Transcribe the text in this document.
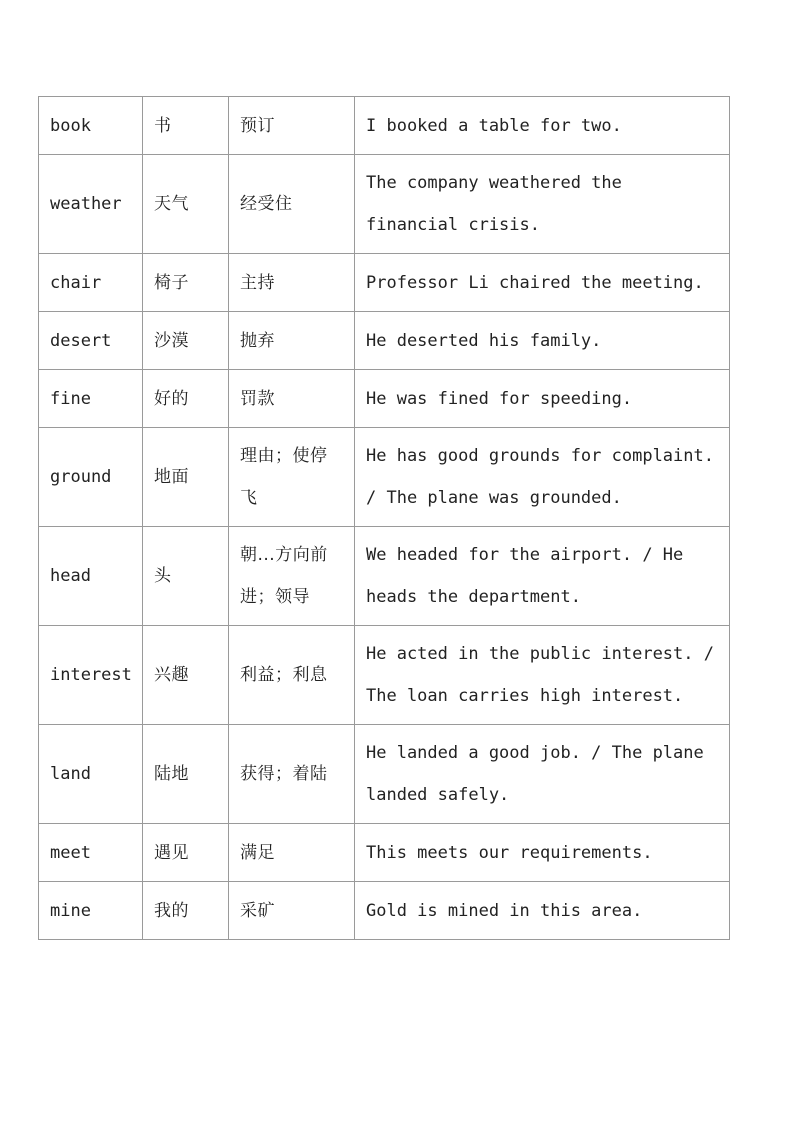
book	书	预订	I booked a table for two.
weather	天气	经受住	The company weathered the financial crisis.
chair	椅子	主持	Professor Li chaired the meeting.
desert	沙漠	抛弃	He deserted his family.
fine	好的	罚款	He was fined for speeding.
ground	地面	理由；使停飞	He has good grounds for complaint. / The plane was grounded.
head	头	朝...方向前进；领导	We headed for the airport. / He heads the department.
interest	兴趣	利益；利息	He acted in the public interest. / The loan carries high interest.
land	陆地	获得；着陆	He landed a good job. / The plane landed safely.
meet	遇见	满足	This meets our requirements.
mine	我的	采矿	Gold is mined in this area.
